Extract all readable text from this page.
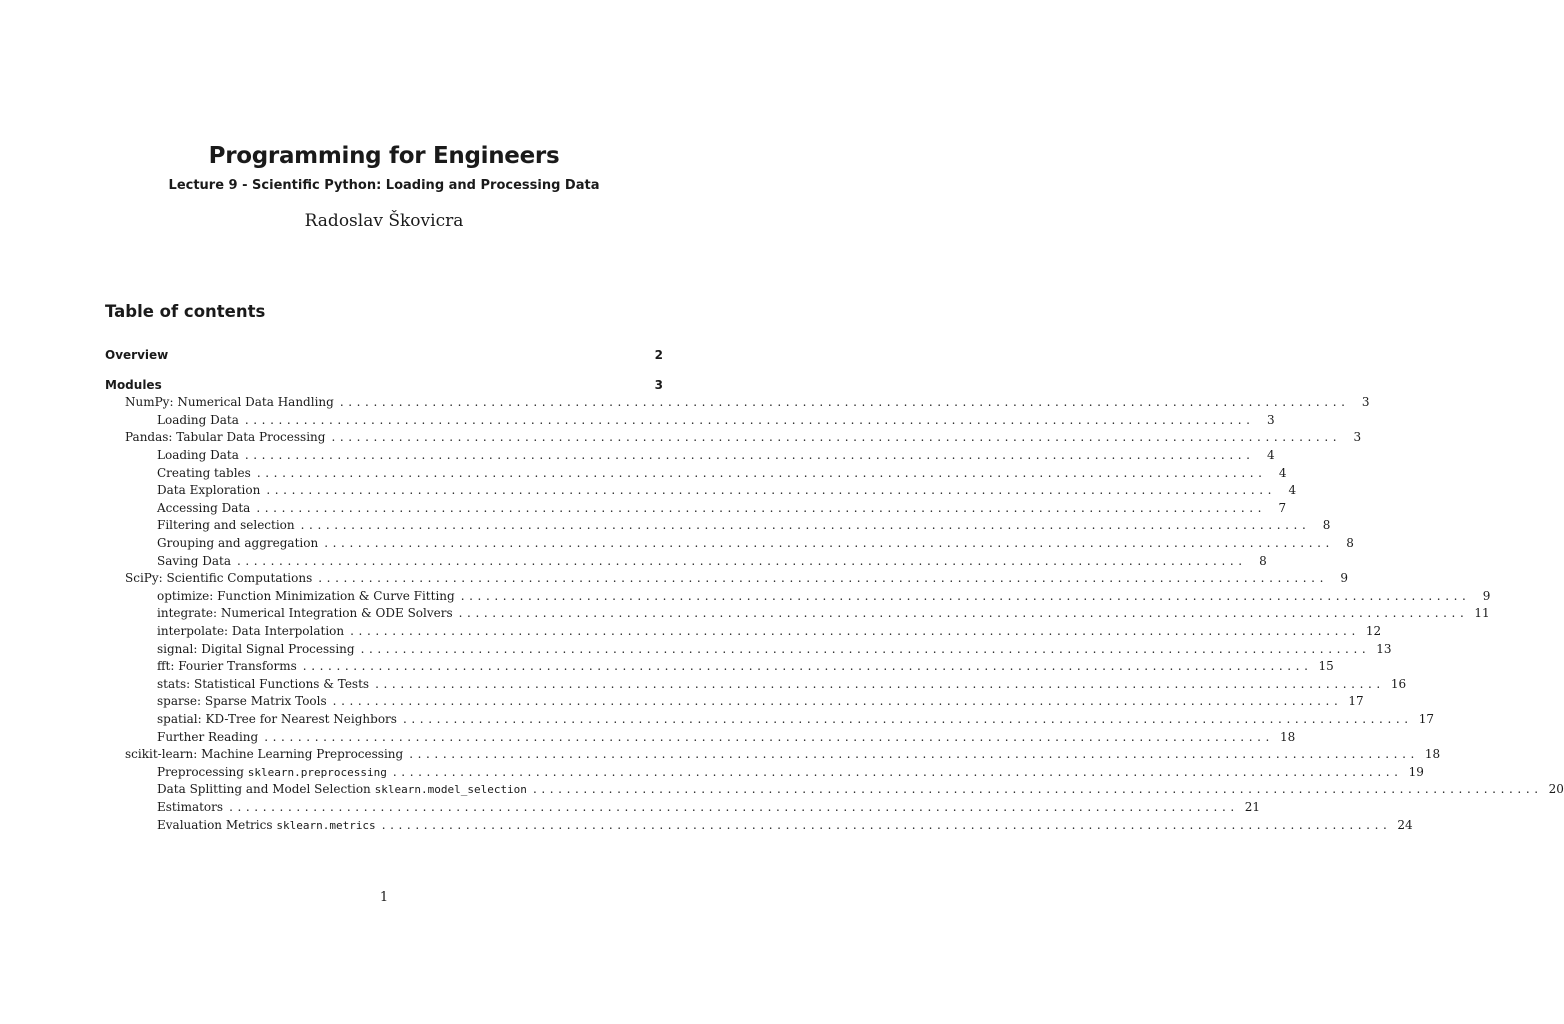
Programming for Engineers
Lecture 9 - Scientific Python: Loading and Processing Data
Radoslav Škovicra
Table of contents
Overview	2
Modules	3
NumPy: Numerical Data Handling ........................................................................................................................	3
Loading Data ........................................................................................................................	3
Pandas: Tabular Data Processing ........................................................................................................................	3
Loading Data ........................................................................................................................	4
Creating tables ........................................................................................................................	4
Data Exploration ........................................................................................................................	4
Accessing Data ........................................................................................................................	7
Filtering and selection ........................................................................................................................	8
Grouping and aggregation ........................................................................................................................	8
Saving Data ........................................................................................................................	8
SciPy: Scientific Computations ........................................................................................................................	9
optimize: Function Minimization & Curve Fitting ........................................................................................................................	9
integrate: Numerical Integration & ODE Solvers ........................................................................................................................ 11
interpolate: Data Interpolation ........................................................................................................................ 12
signal: Digital Signal Processing ........................................................................................................................ 13
fft: Fourier Transforms ........................................................................................................................ 15
stats: Statistical Functions & Tests ........................................................................................................................ 16
sparse: Sparse Matrix Tools ........................................................................................................................ 17
spatial: KD-Tree for Nearest Neighbors ........................................................................................................................ 17
Further Reading ........................................................................................................................ 18
scikit-learn: Machine Learning Preprocessing ........................................................................................................................ 18
Preprocessing sklearn.preprocessing ........................................................................................................................ 19
Data Splitting and Model Selection sklearn.model_selection ........................................................................................................................ 20
Estimators ........................................................................................................................ 21
Evaluation Metrics sklearn.metrics ........................................................................................................................ 24
1
